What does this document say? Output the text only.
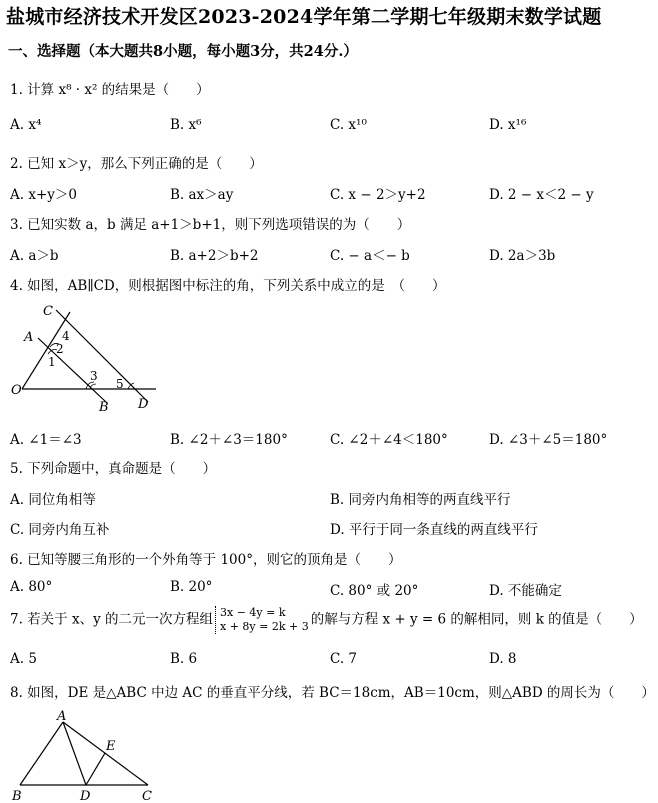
盐城市经济技术开发区2023-2024学年第二学期七年级期末数学试题
一、选择题（本大题共8小题，每小题3分，共24分.）
1. 计算 x⁸ · x² 的结果是（　　）
A. x⁴	B. x⁶	C. x¹⁰	D. x¹⁶
2. 已知 x＞y，那么下列正确的是（　　）
A. x+y＞0	B. ax＞ay	C. x − 2＞y+2	D. 2 − x＜2 − y
3. 已知实数 a，b 满足 a+1＞b+1，则下列选项错误的为（　　）
A. a＞b	B. a+2＞b+2	C. − a＜− b	D. 2a＞3b
4. 如图，AB∥CD，则根据图中标注的角，下列关系中成立的是　（　　）
C
A
O
B D
1
2
3
4
5
A. ∠1＝∠3	B. ∠2＋∠3＝180°	C. ∠2＋∠4＜180°	D. ∠3＋∠5＝180°
5. 下列命题中，真命题是（　　）
A. 同位角相等	B. 同旁内角相等的两直线平行
C. 同旁内角互补	D. 平行于同一条直线的两直线平行
6. 已知等腰三角形的一个外角等于 100°，则它的顶角是（　　）
A. 80°	B. 20°	C. 80° 或 20°	D. 不能确定
7. 若关于 x、y 的二元一次方程组 3x − 4y = k
x + 8y = 2k + 3 的解与方程 x + y = 6 的解相同，则 k 的值是（　　）
A. 5	B. 6	C. 7	D. 8
8. 如图，DE 是△ABC 中边 AC 的垂直平分线，若 BC＝18cm，AB＝10cm，则△ABD 的周长为（　　）
A
E
B	D	C
